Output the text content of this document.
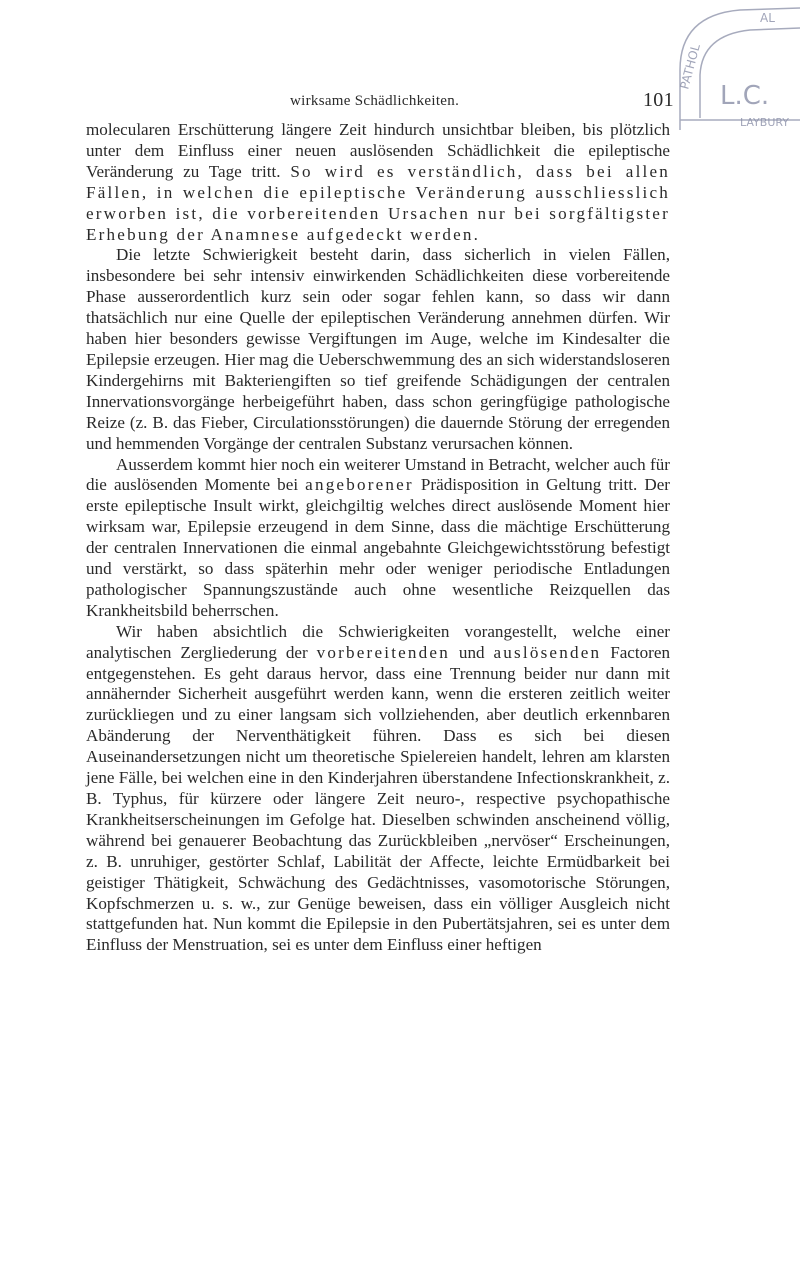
wirksame Schädlichkeiten.	101
PATHOL
AL
L.C.
LAYBURY

molecularen Erschütterung längere Zeit hindurch unsichtbar bleiben, bis plötzlich unter dem Einfluss einer neuen auslösenden Schädlichkeit die epileptische Veränderung zu Tage tritt. So wird es verständlich, dass bei allen Fällen, in welchen die epileptische Veränderung ausschliesslich erworben ist, die vorbereitenden Ursachen nur bei sorgfältigster Erhebung der Anamnese aufgedeckt werden.

Die letzte Schwierigkeit besteht darin, dass sicherlich in vielen Fällen, insbesondere bei sehr intensiv einwirkenden Schädlichkeiten diese vorbereitende Phase ausserordentlich kurz sein oder sogar fehlen kann, so dass wir dann thatsächlich nur eine Quelle der epileptischen Veränderung annehmen dürfen. Wir haben hier besonders gewisse Vergiftungen im Auge, welche im Kindesalter die Epilepsie erzeugen. Hier mag die Ueberschwemmung des an sich widerstandsloseren Kindergehirns mit Bakteriengiften so tief greifende Schädigungen der centralen Innervationsvorgänge herbeigeführt haben, dass schon geringfügige pathologische Reize (z. B. das Fieber, Circulationsstörungen) die dauernde Störung der erregenden und hemmenden Vorgänge der centralen Substanz verursachen können.

Ausserdem kommt hier noch ein weiterer Umstand in Betracht, welcher auch für die auslösenden Momente bei angeborener Prädisposition in Geltung tritt. Der erste epileptische Insult wirkt, gleichgiltig welches direct auslösende Moment hier wirksam war, Epilepsie erzeugend in dem Sinne, dass die mächtige Erschütterung der centralen Innervationen die einmal angebahnte Gleichgewichtsstörung befestigt und verstärkt, so dass späterhin mehr oder weniger periodische Entladungen pathologischer Spannungszustände auch ohne wesentliche Reizquellen das Krankheitsbild beherrschen.

Wir haben absichtlich die Schwierigkeiten vorangestellt, welche einer analytischen Zergliederung der vorbereitenden und auslösenden Factoren entgegenstehen. Es geht daraus hervor, dass eine Trennung beider nur dann mit annähernder Sicherheit ausgeführt werden kann, wenn die ersteren zeitlich weiter zurückliegen und zu einer langsam sich vollziehenden, aber deutlich erkennbaren Abänderung der Nerventhätigkeit führen. Dass es sich bei diesen Auseinandersetzungen nicht um theoretische Spielereien handelt, lehren am klarsten jene Fälle, bei welchen eine in den Kinderjahren überstandene Infectionskrankheit, z. B. Typhus, für kürzere oder längere Zeit neuro-, respective psychopathische Krankheitserscheinungen im Gefolge hat. Dieselben schwinden anscheinend völlig, während bei genauerer Beobachtung das Zurückbleiben „nervöser“ Erscheinungen, z. B. unruhiger, gestörter Schlaf, Labilität der Affecte, leichte Ermüdbarkeit bei geistiger Thätigkeit, Schwächung des Gedächtnisses, vasomotorische Störungen, Kopfschmerzen u. s. w., zur Genüge beweisen, dass ein völliger Ausgleich nicht stattgefunden hat. Nun kommt die Epilepsie in den Pubertätsjahren, sei es unter dem Einfluss der Menstruation, sei es unter dem Einfluss einer heftigen
